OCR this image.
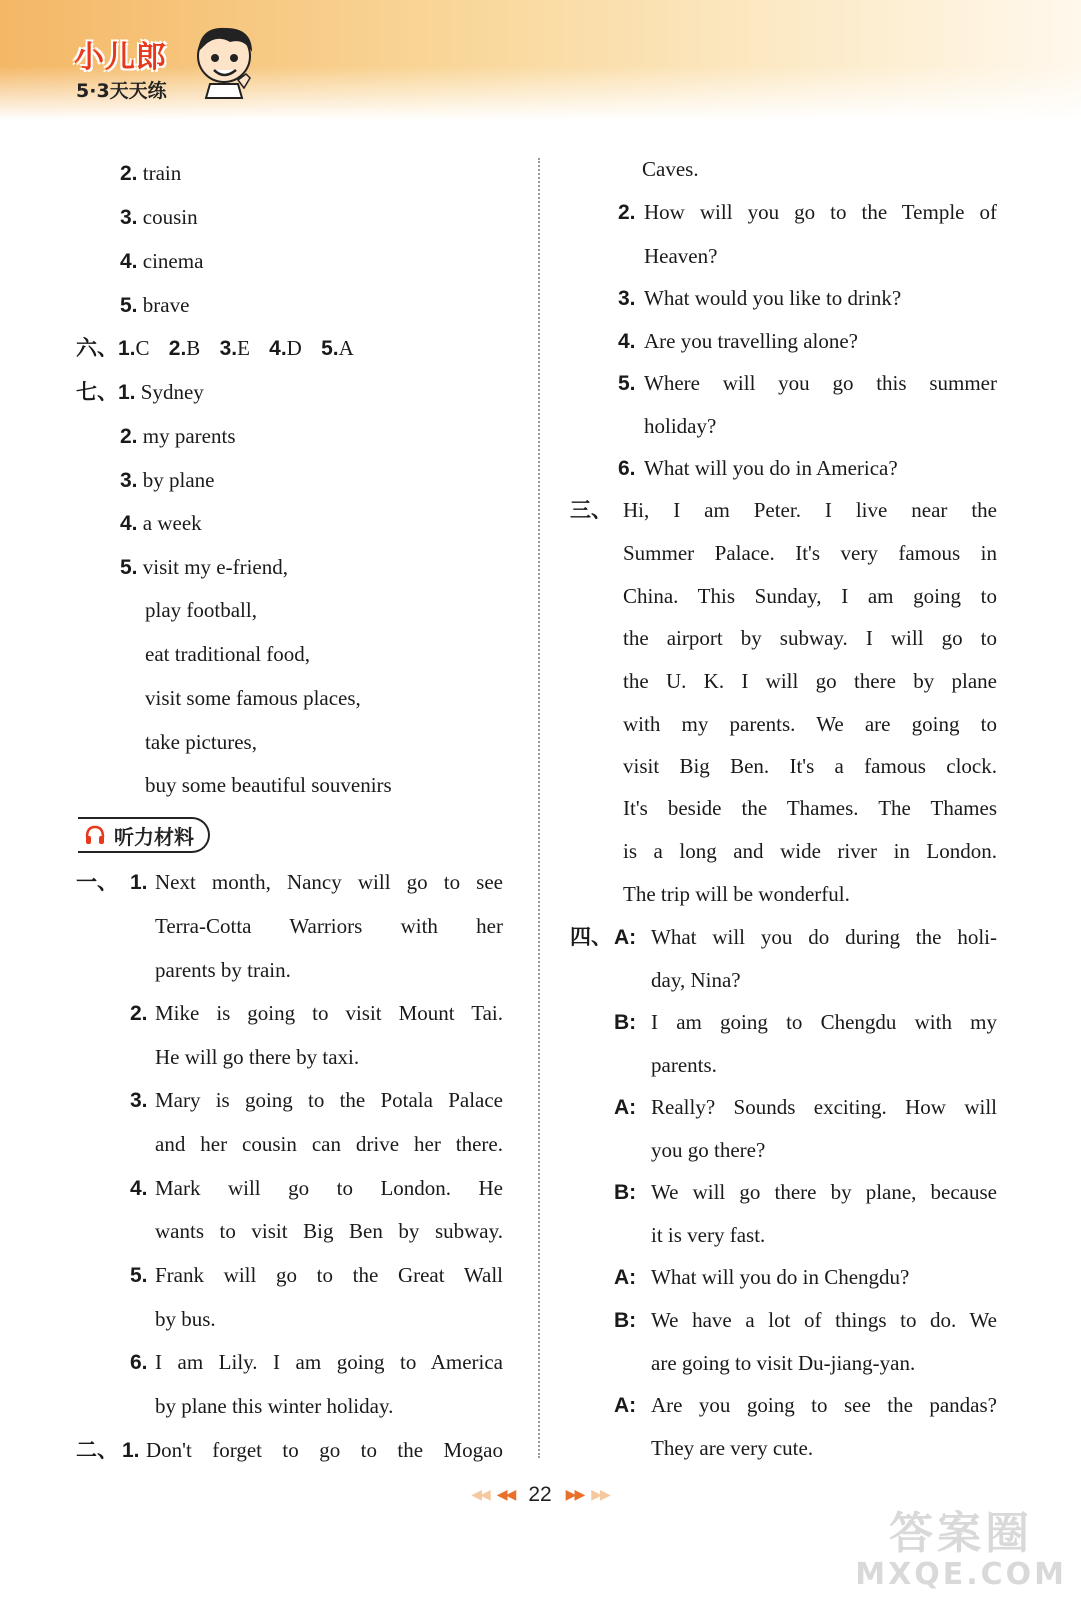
小儿郎
5·3天天练
2. train
3. cousin
4. cinema
5. brave
六、1.C 2.B 3.E 4.D 5.A
七、1. Sydney
2. my parents
3. by plane
4. a week
5. visit my e-friend,
play football,
eat traditional food,
visit some famous places,
take pictures,
buy some beautiful souvenirs
听力材料
一、 1. Next month, Nancy will go to see
Terra-Cotta Warriors with her
parents by train.
2. Mike is going to visit Mount Tai.
He will go there by taxi.
3. Mary is going to the Potala Palace
and her cousin can drive her there.
4. Mark will go to London. He
wants to visit Big Ben by subway.
5. Frank will go to the Great Wall
by bus.
6. I am Lily. I am going to America
by plane this winter holiday.
二、 1. Don't forget to go to the Mogao
Caves.
2. How will you go to the Temple of
Heaven?
3. What would you like to drink?
4. Are you travelling alone?
5. Where will you go this summer
holiday?
6. What will you do in America?
三、 Hi, I am Peter. I live near the
Summer Palace. It's very famous in
China. This Sunday, I am going to
the airport by subway. I will go to
the U. K. I will go there by plane
with my parents. We are going to
visit Big Ben. It's a famous clock.
It's beside the Thames. The Thames
is a long and wide river in London.
The trip will be wonderful.
四、 A: What will you do during the holi-
day, Nina?
B: I am going to Chengdu with my
parents.
A: Really? Sounds exciting. How will
you go there?
B: We will go there by plane, because
it is very fast.
A: What will you do in Chengdu?
B: We have a lot of things to do. We
are going to visit Du-jiang-yan.
A: Are you going to see the pandas?
They are very cute.
◀◀ ◀◀ 22 ▶▶ ▶▶
答案圈
MXQE.COM
